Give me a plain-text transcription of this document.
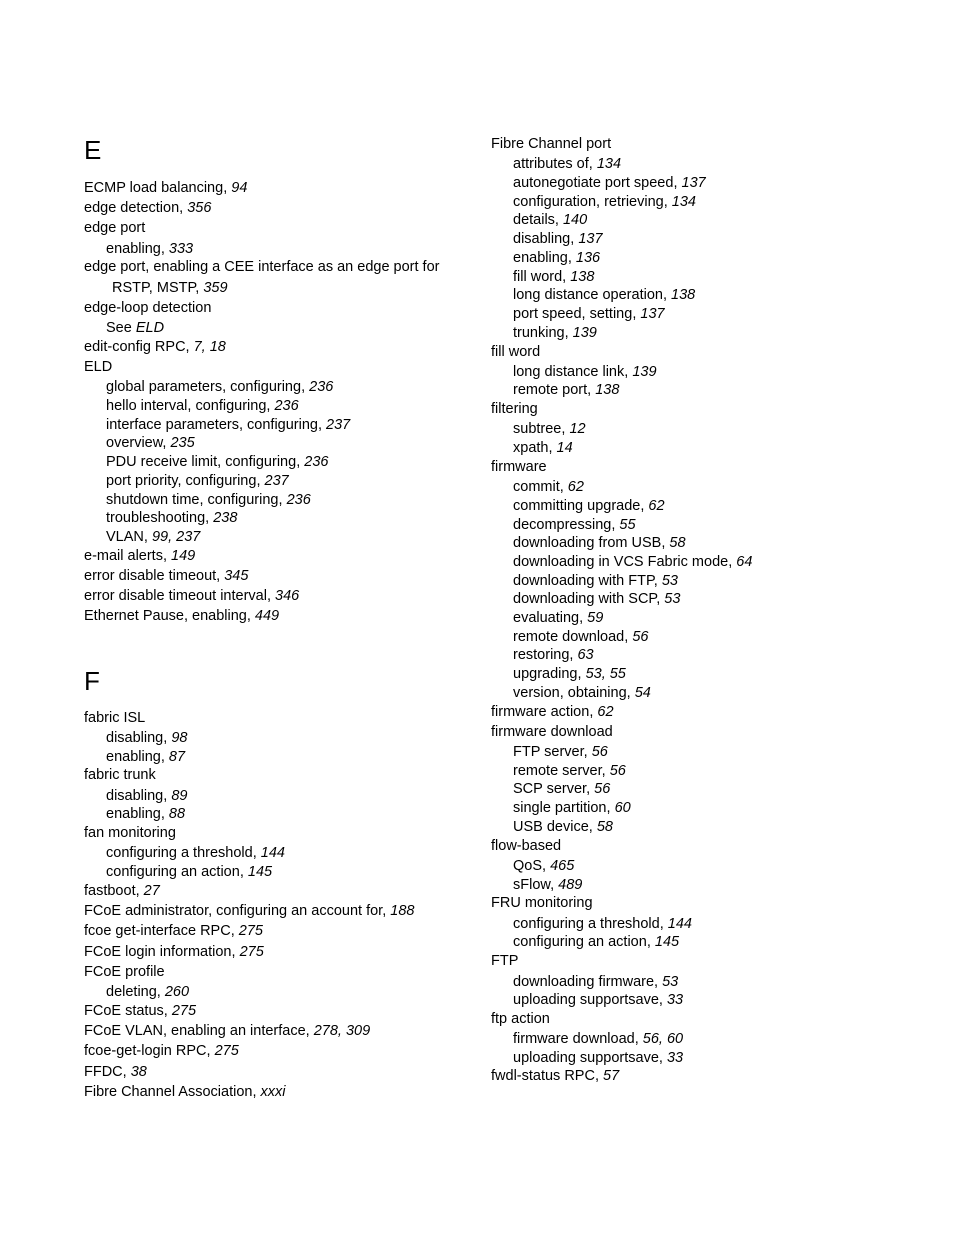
E
ECMP load balancing, 94
edge detection, 356
edge port
enabling, 333
edge port, enabling a CEE interface as an edge port for
RSTP, MSTP, 359
edge-loop detection
See ELD
edit-config RPC, 7, 18
ELD
global parameters, configuring, 236
hello interval, configuring, 236
interface parameters, configuring, 237
overview, 235
PDU receive limit, configuring, 236
port priority, configuring, 237
shutdown time, configuring, 236
troubleshooting, 238
VLAN, 99, 237
e-mail alerts, 149
error disable timeout, 345
error disable timeout interval, 346
Ethernet Pause, enabling, 449
F
fabric ISL
disabling, 98
enabling, 87
fabric trunk
disabling, 89
enabling, 88
fan monitoring
configuring a threshold, 144
configuring an action, 145
fastboot, 27
FCoE administrator, configuring an account for, 188
fcoe get-interface RPC, 275
FCoE login information, 275
FCoE profile
deleting, 260
FCoE status, 275
FCoE VLAN, enabling an interface, 278, 309
fcoe-get-login RPC, 275
FFDC, 38
Fibre Channel Association, xxxi
Fibre Channel port
attributes of, 134
autonegotiate port speed, 137
configuration, retrieving, 134
details, 140
disabling, 137
enabling, 136
fill word, 138
long distance operation, 138
port speed, setting, 137
trunking, 139
fill word
long distance link, 139
remote port, 138
filtering
subtree, 12
xpath, 14
firmware
commit, 62
committing upgrade, 62
decompressing, 55
downloading from USB, 58
downloading in VCS Fabric mode, 64
downloading with FTP, 53
downloading with SCP, 53
evaluating, 59
remote download, 56
restoring, 63
upgrading, 53, 55
version, obtaining, 54
firmware action, 62
firmware download
FTP server, 56
remote server, 56
SCP server, 56
single partition, 60
USB device, 58
flow-based
QoS, 465
sFlow, 489
FRU monitoring
configuring a threshold, 144
configuring an action, 145
FTP
downloading firmware, 53
uploading supportsave, 33
ftp action
firmware download, 56, 60
uploading supportsave, 33
fwdl-status RPC, 57
